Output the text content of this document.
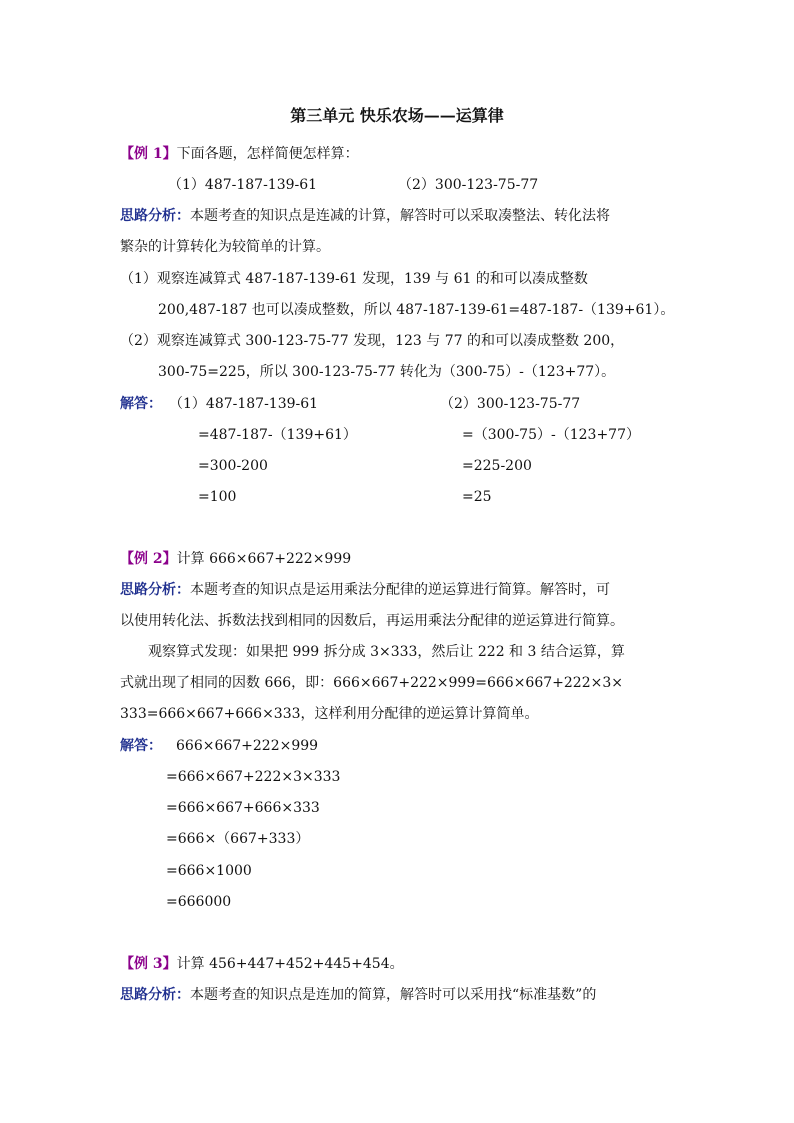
第三单元 快乐农场——运算律
【例 1】下面各题，怎样简便怎样算：
（1）487-187-139-61	（2）300-123-75-77
思路分析：本题考查的知识点是连减的计算，解答时可以采取凑整法、转化法将
繁杂的计算转化为较简单的计算。
（1）观察连减算式 487-187-139-61 发现，139 与 61 的和可以凑成整数
200,487-187 也可以凑成整数，所以 487-187-139-61=487-187-（139+61）。
（2）观察连减算式 300-123-75-77 发现，123 与 77 的和可以凑成整数 200，
300-75=225，所以 300-123-75-77 转化为（300-75）-（123+77）。
解答： （1）487-187-139-61
=487-187-（139+61）
=300-200
=100
（2）300-123-75-77
=（300-75）-（123+77）
=225-200
=25
【例 2】计算 666×667+222×999
思路分析：本题考查的知识点是运用乘法分配律的逆运算进行简算。解答时，可
以使用转化法、拆数法找到相同的因数后，再运用乘法分配律的逆运算进行简算。
观察算式发现：如果把 999 拆分成 3×333，然后让 222 和 3 结合运算，算
式就出现了相同的因数 666，即：666×667+222×999=666×667+222×3×
333=666×667+666×333，这样利用分配律的逆运算计算简单。
解答： 666×667+222×999
=666×667+222×3×333
=666×667+666×333
=666×（667+333）
=666×1000
=666000
【例 3】计算 456+447+452+445+454。
思路分析：本题考查的知识点是连加的简算，解答时可以采用找“标准基数”的
